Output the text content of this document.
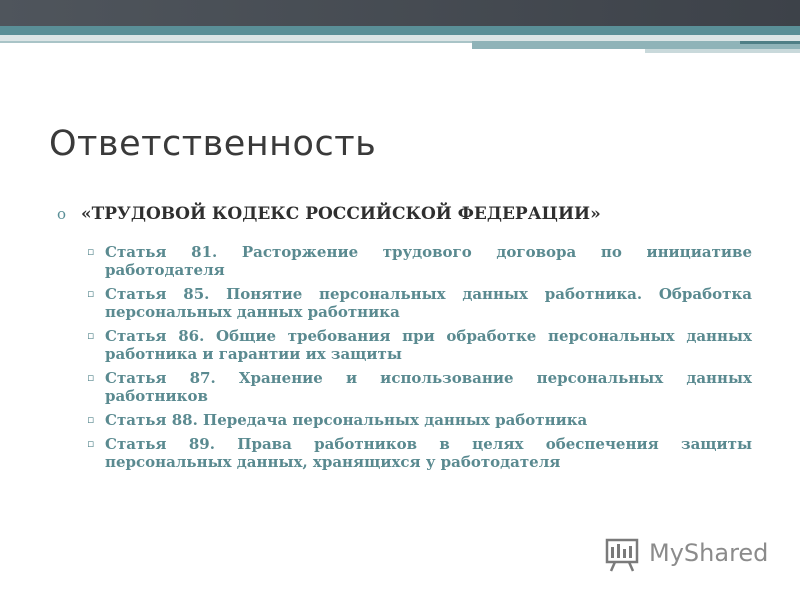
Ответственность
o «ТРУДОВОЙ КОДЕКС РОССИЙСКОЙ ФЕДЕРАЦИИ»
▫ Статья 81. Расторжение трудового договора по инициативе работодателя
▫ Статья 85. Понятие персональных данных работника. Обработка персональных данных работника
▫ Статья 86. Общие требования при обработке персональных данных работника и гарантии их защиты
▫ Статья 87. Хранение и использование персональных данных работников
▫ Статья 88. Передача персональных данных работника
▫ Статья 89. Права работников в целях обеспечения защиты персональных данных, хранящихся у работодателя
MyShared
